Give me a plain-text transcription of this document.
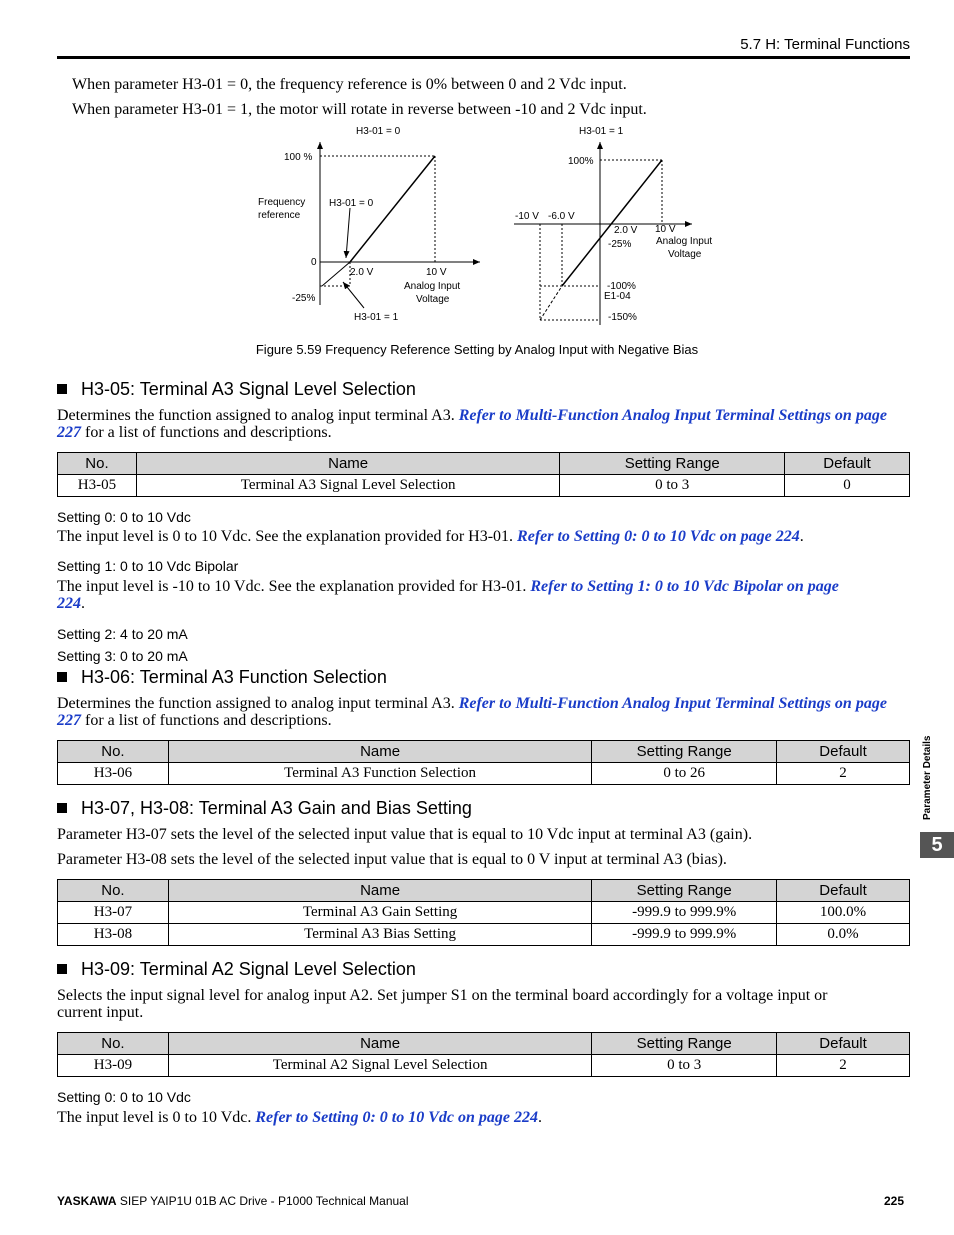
5.7 H: Terminal Functions
When parameter H3-01 = 0, the frequency reference is 0% between 0 and 2 Vdc input.
When parameter H3-01 = 1, the motor will rotate in reverse between -10 and 2 Vdc input.
H3-01 = 0
100 %
Frequency
reference
H3-01 = 0
0
-25%
2.0 V	10 V
Analog Input
Voltage
H3-01 = 1
H3-01 = 1
100%
-10 V -6.0 V
2.0 V 10 V
-25% Analog Input
Voltage
-100%
E1-04
-150%
Figure 5.59 Frequency Reference Setting by Analog Input with Negative Bias
H3-05: Terminal A3 Signal Level Selection
Determines the function assigned to analog input terminal A3. Refer to Multi-Function Analog Input Terminal Settings on page 227 for a list of functions and descriptions.
No.	Name	Setting Range	Default
H3-05	Terminal A3 Signal Level Selection	0 to 3	0
Setting 0: 0 to 10 Vdc
The input level is 0 to 10 Vdc. See the explanation provided for H3-01. Refer to Setting 0: 0 to 10 Vdc on page 224.
Setting 1: 0 to 10 Vdc Bipolar
The input level is -10 to 10 Vdc. See the explanation provided for H3-01. Refer to Setting 1: 0 to 10 Vdc Bipolar on page
224.
Setting 2: 4 to 20 mA
Setting 3: 0 to 20 mA
H3-06: Terminal A3 Function Selection
Determines the function assigned to analog input terminal A3. Refer to Multi-Function Analog Input Terminal Settings on page 227 for a list of functions and descriptions.
No.	Name	Setting Range	Default
H3-06	Terminal A3 Function Selection	0 to 26	2
H3-07, H3-08: Terminal A3 Gain and Bias Setting
Parameter H3-07 sets the level of the selected input value that is equal to 10 Vdc input at terminal A3 (gain).
Parameter H3-08 sets the level of the selected input value that is equal to 0 V input at terminal A3 (bias).
No.	Name	Setting Range	Default
H3-07	Terminal A3 Gain Setting	-999.9 to 999.9%	100.0%
H3-08	Terminal A3 Bias Setting	-999.9 to 999.9%	0.0%
H3-09: Terminal A2 Signal Level Selection
Selects the input signal level for analog input A2. Set jumper S1 on the terminal board accordingly for a voltage input or
current input.
No.	Name	Setting Range	Default
H3-09	Terminal A2 Signal Level Selection	0 to 3	2
Setting 0: 0 to 10 Vdc
The input level is 0 to 10 Vdc. Refer to Setting 0: 0 to 10 Vdc on page 224.
Parameter Details
5
YASKAWA SIEP YAIP1U 01B AC Drive - P1000 Technical Manual	225
